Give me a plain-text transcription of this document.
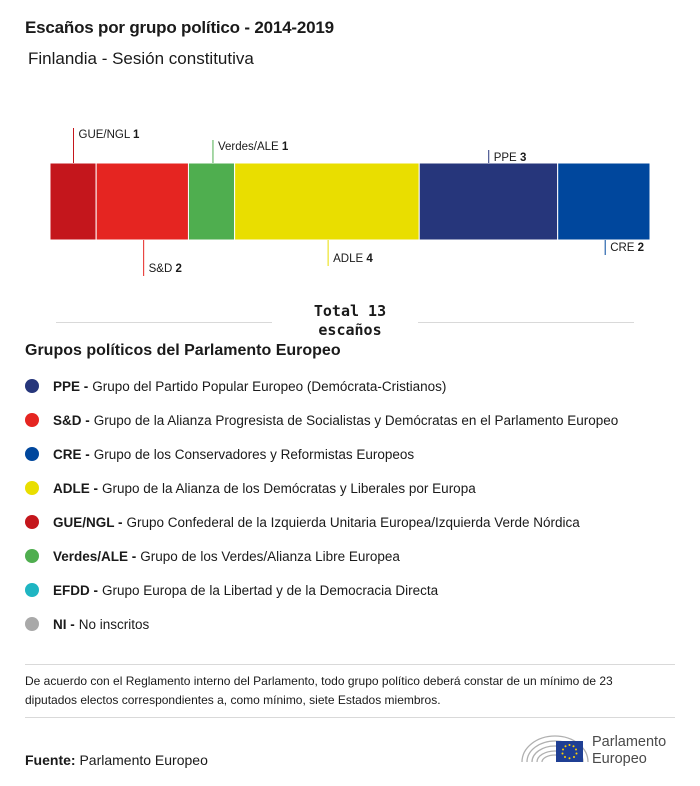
Escaños por grupo político - 2014-2019
Finlandia - Sesión constitutiva
GUE/NGL 1
S&D 2
Verdes/ALE 1
ADLE 4
PPE 3
CRE 2
Total 13
escaños
Grupos políticos del Parlamento Europeo
PPE - Grupo del Partido Popular Europeo (Demócrata-Cristianos)
S&D - Grupo de la Alianza Progresista de Socialistas y Demócratas en el Parlamento Europeo
CRE - Grupo de los Conservadores y Reformistas Europeos
ADLE - Grupo de la Alianza de los Demócratas y Liberales por Europa
GUE/NGL - Grupo Confederal de la Izquierda Unitaria Europea/Izquierda Verde Nórdica
Verdes/ALE - Grupo de los Verdes/Alianza Libre Europea
EFDD - Grupo Europa de la Libertad y de la Democracia Directa
NI - No inscritos
De acuerdo con el Reglamento interno del Parlamento, todo grupo político deberá constar de un mínimo de 23 diputados electos correspondientes a, como mínimo, siete Estados miembros.
Fuente: Parlamento Europeo
Parlamento
Europeo
